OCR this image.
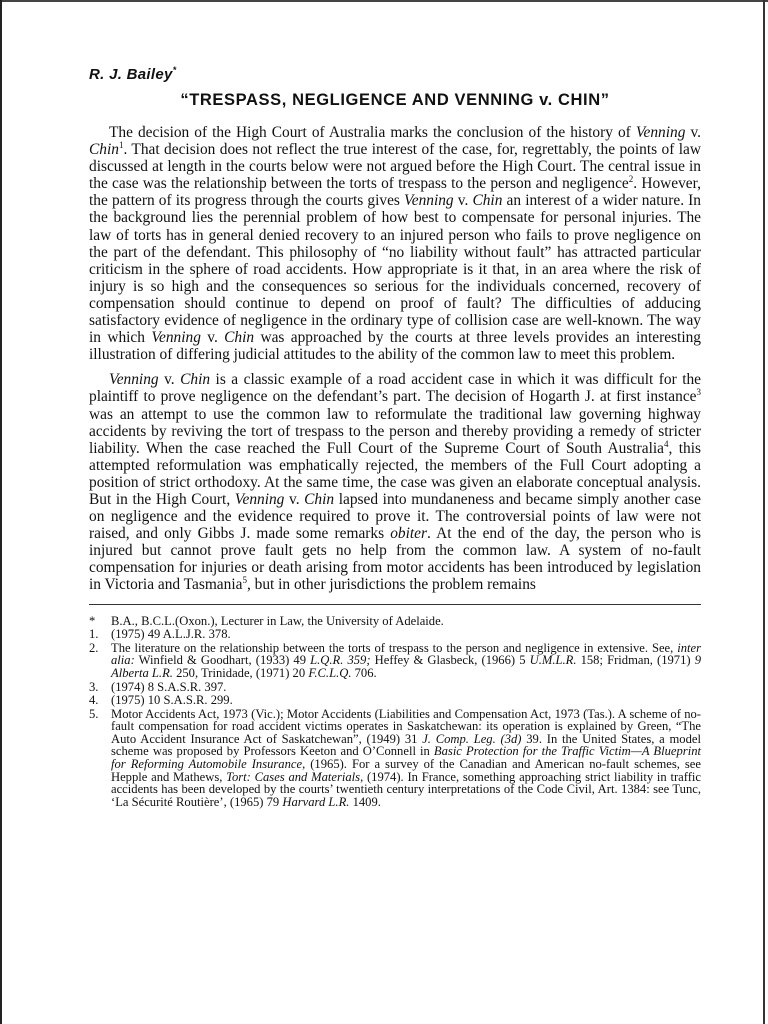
R. J. Bailey*
“TRESPASS, NEGLIGENCE AND VENNING v. CHIN”

The decision of the High Court of Australia marks the conclusion of the history of Venning v. Chin$^1$. That decision does not reflect the true interest of the case, for, regrettably, the points of law discussed at length in the courts below were not argued before the High Court. The central issue in the case was the relationship between the torts of trespass to the person and negligence$^2$. However, the pattern of its progress through the courts gives Venning v. Chin an interest of a wider nature. In the background lies the perennial problem of how best to compensate for personal injuries. The law of torts has in general denied recovery to an injured person who fails to prove negligence on the part of the defendant. This philosophy of “no liability without fault” has attracted particular criticism in the sphere of road accidents. How appropriate is it that, in an area where the risk of injury is so high and the consequences so serious for the individuals concerned, recovery of compensation should continue to depend on proof of fault? The difficulties of adducing satisfactory evidence of negligence in the ordinary type of collision case are well-known. The way in which Venning v. Chin was approached by the courts at three levels provides an interesting illustration of differing judicial attitudes to the ability of the common law to meet this problem.

Venning v. Chin is a classic example of a road accident case in which it was difficult for the plaintiff to prove negligence on the defendant’s part. The decision of Hogarth J. at first instance$^3$ was an attempt to use the common law to reformulate the traditional law governing highway accidents by reviving the tort of trespass to the person and thereby providing a remedy of stricter liability. When the case reached the Full Court of the Supreme Court of South Australia$^4$, this attempted reformulation was emphatically rejected, the members of the Full Court adopting a position of strict orthodoxy. At the same time, the case was given an elaborate conceptual analysis. But in the High Court, Venning v. Chin lapsed into mundaneness and became simply another case on negligence and the evidence required to prove it. The controversial points of law were not raised, and only Gibbs J. made some remarks obiter. At the end of the day, the person who is injured but cannot prove fault gets no help from the common law. A system of no-fault compensation for injuries or death arising from motor accidents has been introduced by legislation in Victoria and Tasmania$^5$, but in other jurisdictions the problem remains

*	B.A., B.C.L.(Oxon.), Lecturer in Law, the University of Adelaide.
1. (1975) 49 A.L.J.R. 378.
2. The literature on the relationship between the torts of trespass to the person and negligence in extensive. See, inter alia: Winfield & Goodhart, (1933) 49 L.Q.R. 359; Heffey & Glasbeck, (1966) 5 U.M.L.R. 158; Fridman, (1971) 9 Alberta L.R. 250, Trinidade, (1971) 20 F.C.L.Q. 706.
3. (1974) 8 S.A.S.R. 397.
4. (1975) 10 S.A.S.R. 299.
5. Motor Accidents Act, 1973 (Vic.); Motor Accidents (Liabilities and Compensation Act, 1973 (Tas.). A scheme of no-fault compensation for road accident victims operates in Saskatchewan: its operation is explained by Green, “The Auto Accident Insurance Act of Saskatchewan”, (1949) 31 J. Comp. Leg. (3d) 39. In the United States, a model scheme was proposed by Professors Keeton and O’Connell in Basic Protection for the Traffic Victim—A Blueprint for Reforming Automobile Insurance, (1965). For a survey of the Canadian and American no-fault schemes, see Hepple and Mathews, Tort: Cases and Materials, (1974). In France, something approaching strict liability in traffic accidents has been developed by the courts’ twentieth century interpretations of the Code Civil, Art. 1384: see Tunc, ‘La Sécurité Routière’, (1965) 79 Harvard L.R. 1409.
